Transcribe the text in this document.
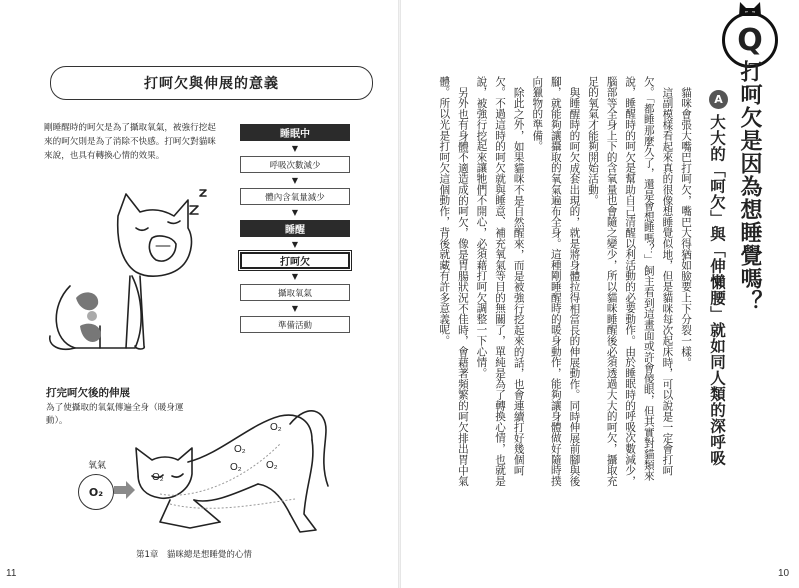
打呵欠與伸展的意義
剛睡醒時的呵欠是為了攝取氧氣，被強行挖起來的呵欠則是為了消除不快感。打呵欠對貓咪來說，也具有轉換心情的效果。
睡眠中
▼
呼吸次數減少
▼
體內含氧量減少
▼
睡醒
▼
打呵欠
▼
攝取氧氣
▼
準備活動
打完呵欠後的伸展
為了使攝取的氧氣傳遍全身（暖身運動）。
氧氣
O₂
O₂
O₂
O₂
O₂ O₂
第1章　貓咪總是想睡覺的心情
11
Q
打呵欠是因為想睡覺嗎？
A
大大的「呵欠」與「伸懶腰」就如同人類的深呼吸

貓咪會張大嘴巴打呵欠，嘴巴大得猶如臉要上下分裂一樣。

這副模樣看起來真的很像想睡覺似地，但是貓咪每次起床時，可以說是一定會打呵欠。「都睡那麼久了，還是會想睡嗎？」飼主看到這畫面或許會傻眼，但其實對貓類來說，睡醒時的呵欠是幫助自己清醒以利活動的必要動作。由於睡眠時的呼吸次數減少，腦部等全身上下的含氧量也會隨之變少，所以貓咪睡醒後必須透過大大的呵欠，攝取充足的氧氣才能夠開始活動。

與睡醒時的呵欠成套出現的，就是將身體拉得相當長的伸展動作。同時伸展前腳與後腳，就能夠讓攝取的氧氣遍布全身。這種剛睡醒時的暖身動作，能夠讓身體做好隨時撲向獵物的準備。

除此之外，如果貓咪不是自然醒來，而是被強行挖起來的話，也會連續打好幾個呵欠。不過這時的呵欠就與睡意、補充氧氣等目的無關了，單純是為了轉換心情，也就是說，被強行挖起來讓牠們不開心，必須藉打呵欠調整一下心情。

另外也有身體不適造成的呵欠，像是胃腸狀況不佳時，會藉著頻繁的呵欠排出胃中氣體。所以光是打呵欠這個動作，背後就藏有許多意義呢。

10
